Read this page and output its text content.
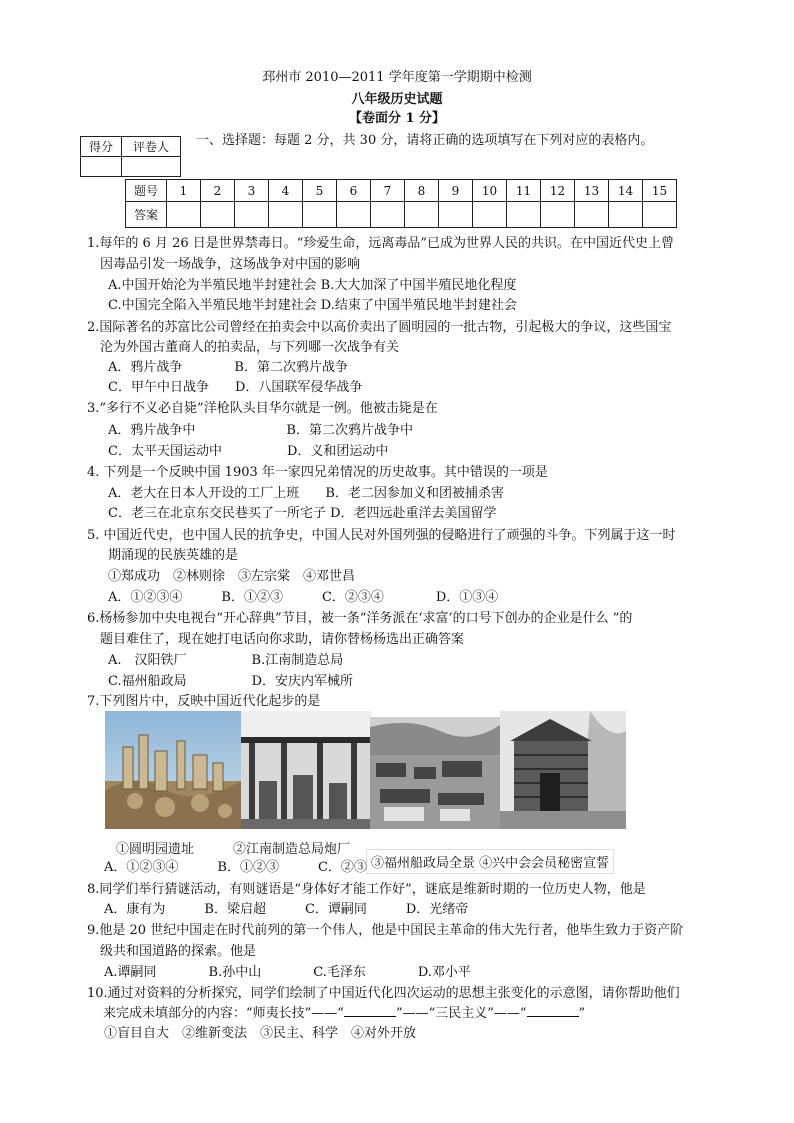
邳州市 2010—2011 学年度第一学期期中检测
八年级历史试题
【卷面分 1 分】
得分	评卷人
	一、选择题：每题 2 分，共 30 分，请将正确的选项填写在下列对应的表格内。
题号	1	2	3	4	5	6	7	8	9	10	11	12	13	14	15
答案															
1.每年的 6 月 26 日是世界禁毒日。“珍爱生命，远离毒品”已成为世界人民的共识。在中国近代史上曾
因毒品引发一场战争，这场战争对中国的影响
A.中国开始沦为半殖民地半封建社会 B.大大加深了中国半殖民地化程度
C.中国完全陷入半殖民地半封建社会 D.结束了中国半殖民地半封建社会
2.国际著名的苏富比公司曾经在拍卖会中以高价卖出了圆明园的一批古物，引起极大的争议，这些国宝
沦为外国古董商人的拍卖品，与下列哪一次战争有关
A．鸦片战争　　　　B．第二次鸦片战争
C．甲午中日战争　　D．八国联军侵华战争
3.“多行不义必自毙”洋枪队头目华尔就是一例。他被击毙是在
A．鸦片战争中　　　　　　　B．第二次鸦片战争中
C．太平天国运动中　　　　　D．义和团运动中
4. 下列是一个反映中国 1903 年一家四兄弟情况的历史故事。其中错误的一项是
A．老大在日本人开设的工厂上班　　B．老二因参加义和团被捕杀害
C．老三在北京东交民巷买了一所宅子 D．老四远赴重洋去美国留学
5. 中国近代史，也中国人民的抗争史，中国人民对外国列强的侵略进行了顽强的斗争。下列属于这一时
期涌现的民族英雄的是
①郑成功　②林则徐　③左宗棠　④邓世昌
A．①②③④　　　B．①②③　　　C．②③④　　　　D．①③④
6.杨杨参加中央电视台“开心辞典”节目，被一条“洋务派在‘求富’的口号下创办的企业是什么 ”的
题目难住了，现在她打电话向你求助，请你替杨杨选出正确答案
A.　汉阳铁厂　　　　　B.江南制造总局
C.福州船政局　　　　　D．安庆内军械所
7.下列图片中，反映中国近代化起步的是
①圆明园遗址	②江南制造总局炮厂
③福州船政局全景 ④兴中会会员秘密宣誓
A．①②③④　　　B．①②③　　　C．②③
8.同学们举行猜谜活动，有则谜语是“身体好才能工作好”，谜底是维新时期的一位历史人物，他是
A．康有为　　　B．梁启超　　　C．谭嗣同　　　D．光绪帝
9.他是 20 世纪中国走在时代前列的第一个伟人，他是中国民主革命的伟大先行者，他毕生致力于资产阶
级共和国道路的探索。他是
A.谭嗣同　　　　B.孙中山　　　　C.毛泽东　　　　D.邓小平
10.通过对资料的分析探究，同学们绘制了中国近代化四次运动的思想主张变化的示意图，请你帮助他们
来完成未填部分的内容：“师夷长技”——“	”——“三民主义”——“	”
①盲目自大　②维新变法　③民主、科学　④对外开放
